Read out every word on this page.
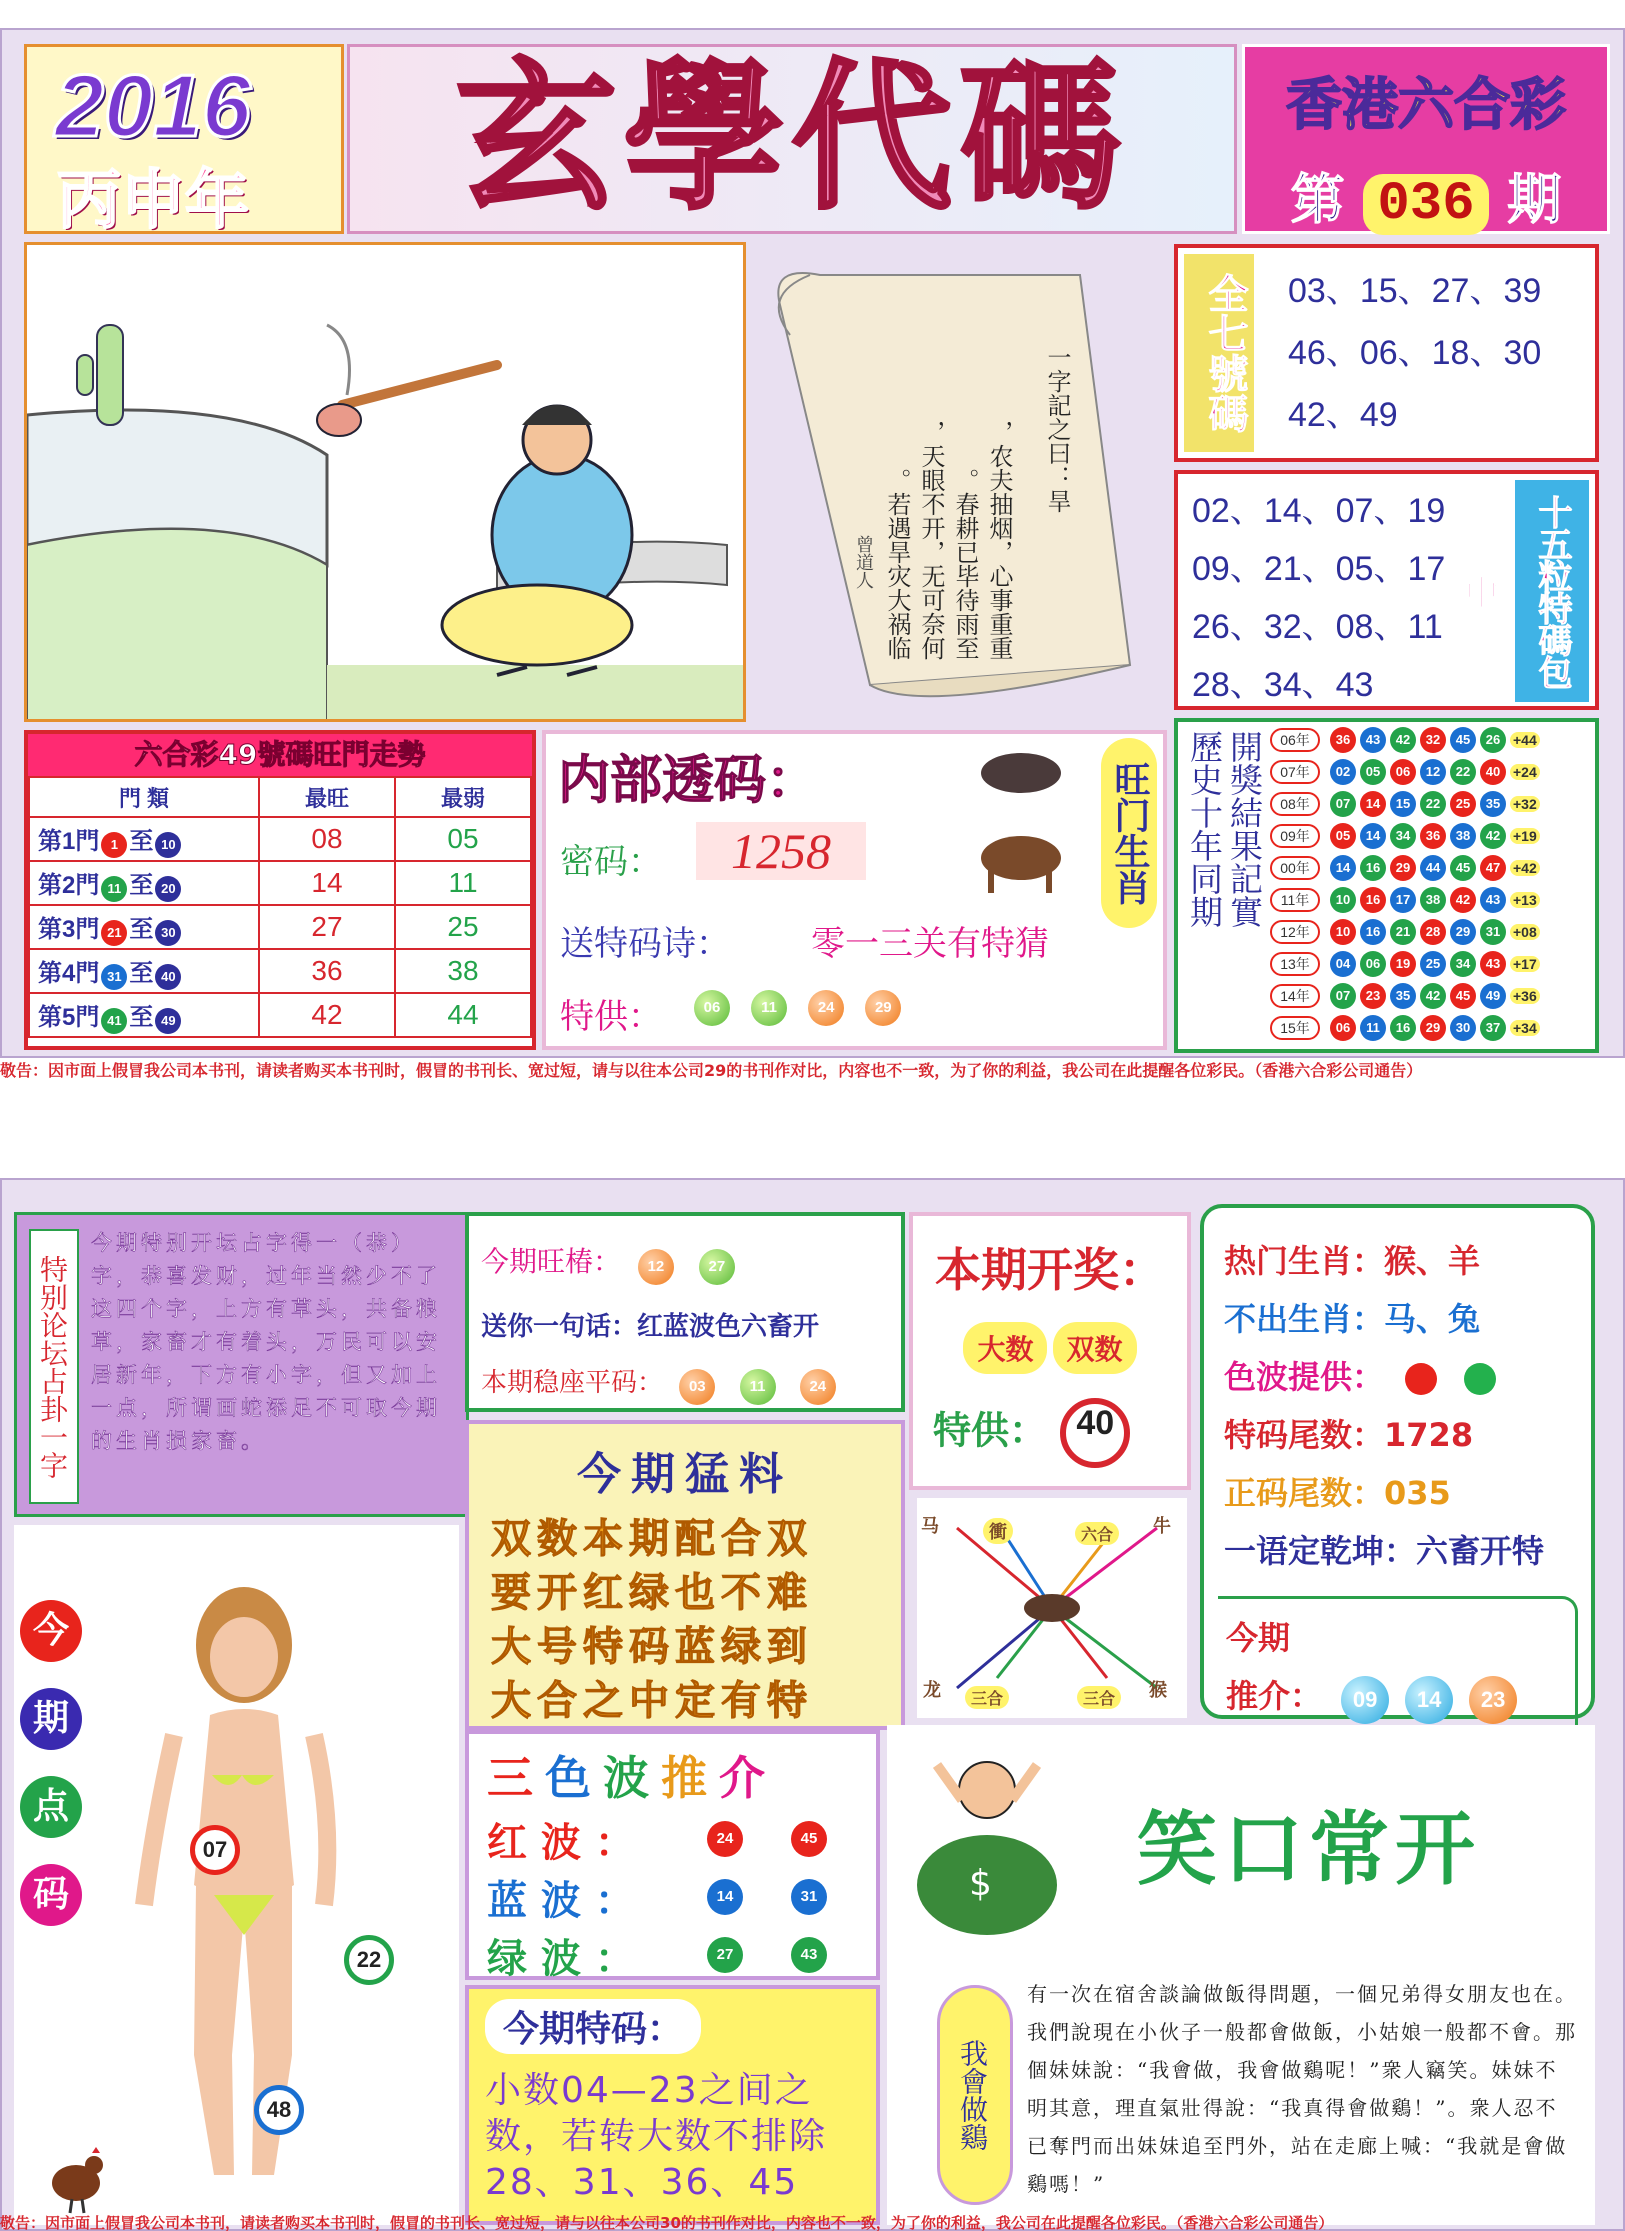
2016
丙申年	玄學代碼	香港六合彩
第 036 期
农夫抽烟，心事重重，
春耕已毕待雨至。
天眼不开，无可奈何，
若遇旱灾大祸临。
一字記之曰：旱
曾道人
全七號碼 03、15、27、39
46、06、18、30
42、49
02、14、07、19
09、21、05、17
26、32、08、11
28、34、43	十五粒特碼包中
六合彩49號碼旺門走勢
門 類	最旺	最弱
第1門 1 至 10	08	05
第2門 11 至 20	14	11
第3門 21 至 30	27	25
第4門 31 至 40	36	38
第5門 41 至 49	42	44
内部透码：
密码：	1258
送特码诗： 零一三关有特猜
特供：	06	11	24	29
旺门生肖 歷史十年同期 開獎結果記實	06年	36	43	42	32	45	26 +44
07年	02	05	06	12	22	40 +24
08年	07	14	15	22	25	35 +32
09年	05	14	34	36	38	42 +19
00年	14	16	29	44	45	47 +42
11年	10	16	17	38	42	43 +13
12年	10	16	21	28	29	31 +08
13年	04	06	19	25	34	43 +17
14年	07	23	35	42	45	49 +36
15年	06	11	16	29	30	37 +34
敬告：因市面上假冒我公司本书刊，请读者购买本书刊时，假冒的书刊长、宽过短，请与以往本公司29的书刊作对比，内容也不一致，为了你的利益，我公司在此提醒各位彩民。（香港六合彩公司通告）
特别论坛占卦一字
今期特别开坛占字得一（恭）字，恭喜发财，过年当然少不了这四个字，上方有草头，共备粮草，家畜才有着头，万民可以安居新年，下方有小字，但又加上一点，所谓画蛇添足不可取今期的生肖损家畜。
今期旺椿： 12	27
送你一句话：红蓝波色六畜开
本期稳座平码： 03	11	24
本期开奖：
大数 双数
特供： 40
热门生肖：猴、羊
不出生肖：马、兔
色波提供：
特码尾数：1728
正码尾数：035
一语定乾坤：六畜开特
今期
推介： 09 14 23
今期猛料
双数本期配合双
要开红绿也不难
大号特码蓝绿到
大合之中定有特
马	衝	六合	牛
龙	三合	三合	猴
今
期
点
码
07
22
48
三色波推介
红 波 ：	24	45
蓝 波 ：	14	31
绿 波 ：	27	43
今期特码：
小数04—23之间之数，若转大数不排除28、31、36、45
$ 笑口常开
我會做鷄
有一次在宿舍談論做飯得問題，一個兄弟得女朋友也在。我們說現在小伙子一般都會做飯，小姑娘一般都不會。那個妹妹說：“我會做，我會做鷄呢！”衆人竊笑。妹妹不明其意，理直氣壯得說：“我真得會做鷄！”。衆人忍不已奪門而出妹妹追至門外，站在走廊上喊：“我就是會做鷄嗎！”
敬告：因市面上假冒我公司本书刊，请读者购买本书刊时，假冒的书刊长、宽过短，请与以往本公司30的书刊作对比，内容也不一致，为了你的利益，我公司在此提醒各位彩民。（香港六合彩公司通告）
